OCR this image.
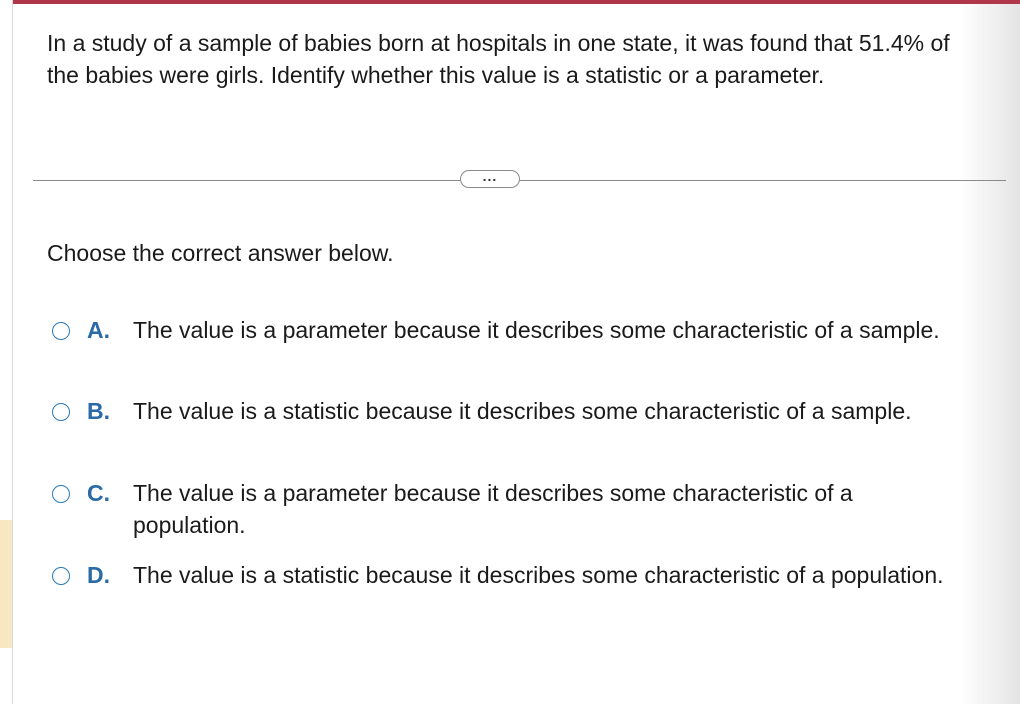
In a study of a sample of babies born at hospitals in one state, it was found that 51.4% of the babies were girls. Identify whether this value is a statistic or a parameter.

...

Choose the correct answer below.

A.	The value is a parameter because it describes some characteristic of a sample.
B.	The value is a statistic because it describes some characteristic of a sample.
C.	The value is a parameter because it describes some characteristic of a population.
D.	The value is a statistic because it describes some characteristic of a population.
